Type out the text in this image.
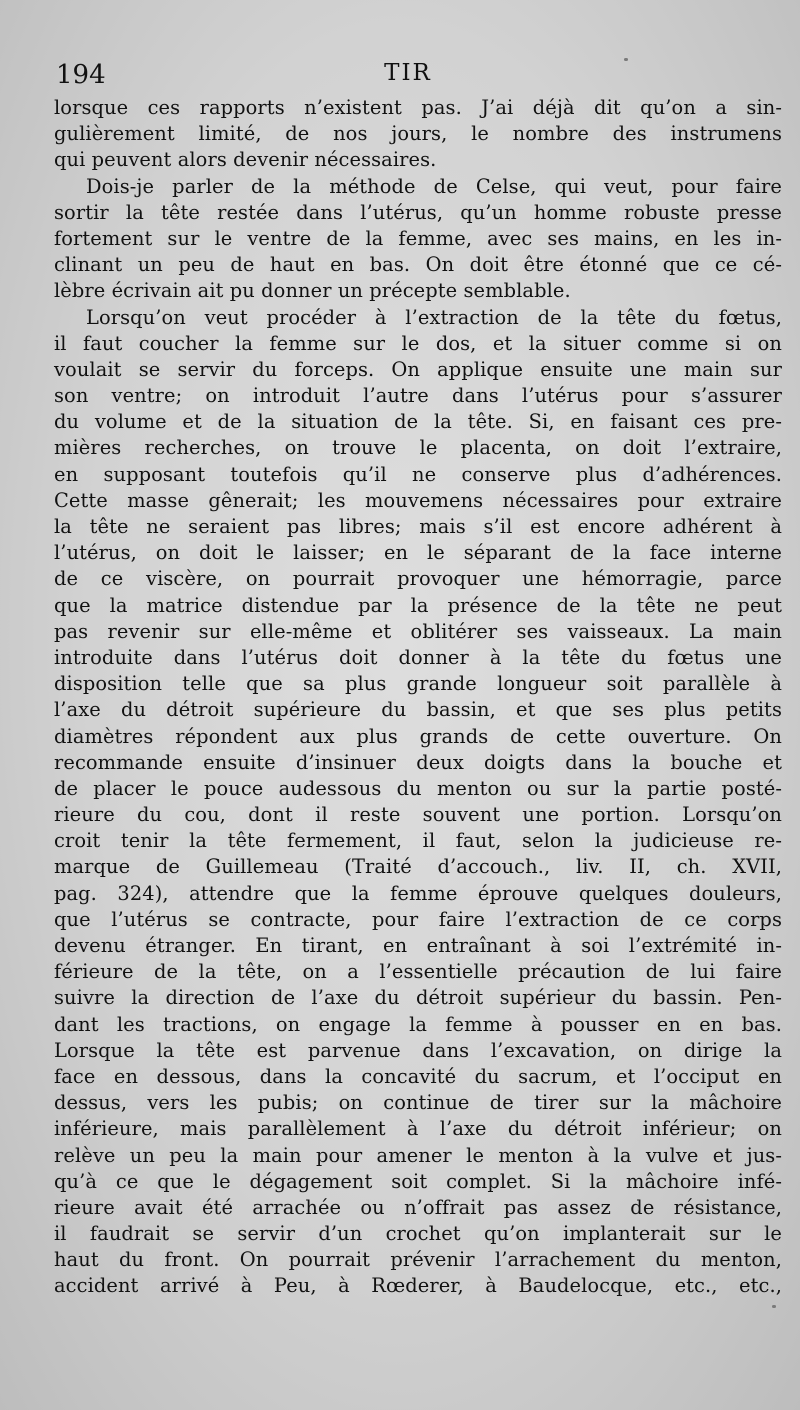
194	TIR
lorsque ces rapports n’existent pas. J’ai déjà dit qu’on a sin-
gulièrement limité, de nos jours, le nombre des instrumens
qui peuvent alors devenir nécessaires.
Dois-je parler de la méthode de Celse, qui veut, pour faire
sortir la tête restée dans l’utérus, qu’un homme robuste presse
fortement sur le ventre de la femme, avec ses mains, en les in-
clinant un peu de haut en bas. On doit être étonné que ce cé-
lèbre écrivain ait pu donner un précepte semblable.
Lorsqu’on veut procéder à l’extraction de la tête du fœtus,
il faut coucher la femme sur le dos, et la situer comme si on
voulait se servir du forceps. On applique ensuite une main sur
son ventre; on introduit l’autre dans l’utérus pour s’assurer
du volume et de la situation de la tête. Si, en faisant ces pre-
mières recherches, on trouve le placenta, on doit l’extraire,
en supposant toutefois qu’il ne conserve plus d’adhérences.
Cette masse gênerait; les mouvemens nécessaires pour extraire
la tête ne seraient pas libres; mais s’il est encore adhérent à
l’utérus, on doit le laisser; en le séparant de la face interne
de ce viscère, on pourrait provoquer une hémorragie, parce
que la matrice distendue par la présence de la tête ne peut
pas revenir sur elle-même et oblitérer ses vaisseaux. La main
introduite dans l’utérus doit donner à la tête du fœtus une
disposition telle que sa plus grande longueur soit parallèle à
l’axe du détroit supérieure du bassin, et que ses plus petits
diamètres répondent aux plus grands de cette ouverture. On
recommande ensuite d’insinuer deux doigts dans la bouche et
de placer le pouce audessous du menton ou sur la partie posté-
rieure du cou, dont il reste souvent une portion. Lorsqu’on
croit tenir la tête fermement, il faut, selon la judicieuse re-
marque de Guillemeau (Traité d’accouch., liv. II, ch. XVII,
pag. 324), attendre que la femme éprouve quelques douleurs,
que l’utérus se contracte, pour faire l’extraction de ce corps
devenu étranger. En tirant, en entraînant à soi l’extrémité in-
férieure de la tête, on a l’essentielle précaution de lui faire
suivre la direction de l’axe du détroit supérieur du bassin. Pen-
dant les tractions, on engage la femme à pousser en en bas.
Lorsque la tête est parvenue dans l’excavation, on dirige la
face en dessous, dans la concavité du sacrum, et l’occiput en
dessus, vers les pubis; on continue de tirer sur la mâchoire
inférieure, mais parallèlement à l’axe du détroit inférieur; on
relève un peu la main pour amener le menton à la vulve et jus-
qu’à ce que le dégagement soit complet. Si la mâchoire infé-
rieure avait été arrachée ou n’offrait pas assez de résistance,
il faudrait se servir d’un crochet qu’on implanterait sur le
haut du front. On pourrait prévenir l’arrachement du menton,
accident arrivé à Peu, à Rœderer, à Baudelocque, etc., etc.,
